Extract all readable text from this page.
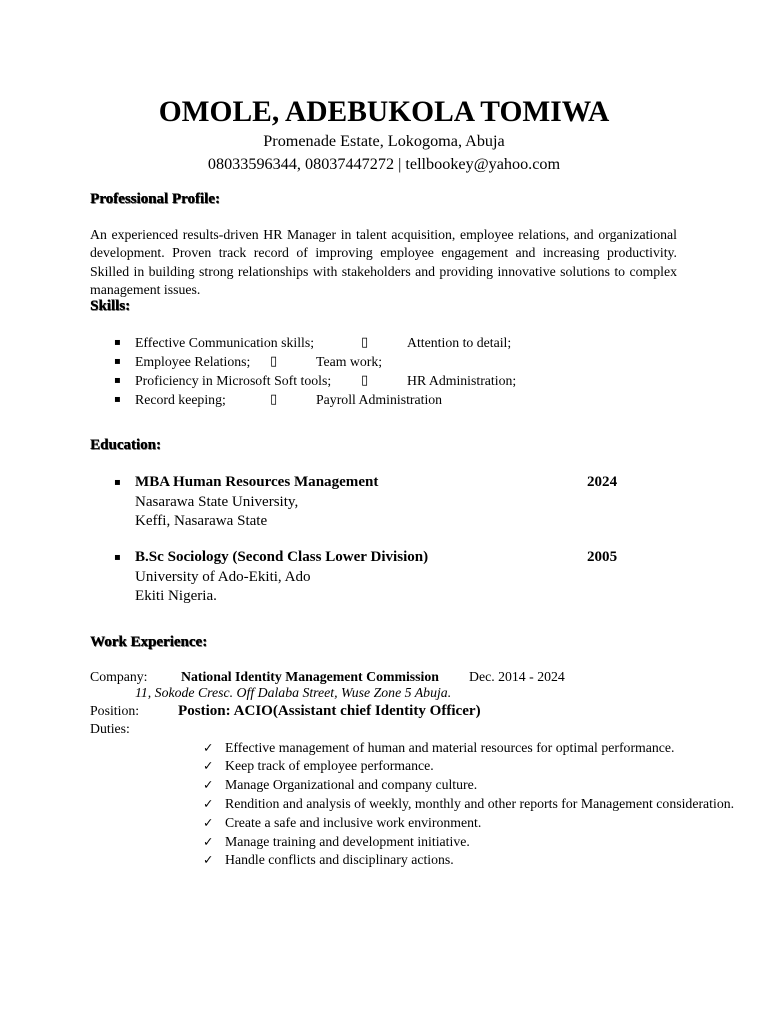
OMOLE, ADEBUKOLA TOMIWA
Promenade Estate, Lokogoma, Abuja
08033596344, 08037447272 | tellbookey@yahoo.com
Professional Profile:
An experienced results-driven HR Manager in talent acquisition, employee relations, and organizational development. Proven track record of improving employee engagement and increasing productivity. Skilled in building strong relationships with stakeholders and providing innovative solutions to complex management issues.
Skills:
▪ Effective Communication skills;	▯	Attention to detail;
▪ Employee Relations; ▯	Team work;
▪ Proficiency in Microsoft Soft tools; ▯	HR Administration;
▪ Record keeping;	▯	Payroll Administration
Education:
▪ MBA Human Resources Management	2024
Nasarawa State University,
Keffi, Nasarawa State
▪ B.Sc Sociology (Second Class Lower Division)	2005
University of Ado-Ekiti, Ado
Ekiti Nigeria.
Work Experience:
Company: National Identity Management Commission Dec. 2014 - 2024
11, Sokode Cresc. Off Dalaba Street, Wuse Zone 5 Abuja.
Position:	Postion: ACIO(Assistant chief Identity Officer)
Duties:
✓ Effective management of human and material resources for optimal performance.
✓ Keep track of employee performance.
✓ Manage Organizational and company culture.
✓ Rendition and analysis of weekly, monthly and other reports for Management consideration.
✓ Create a safe and inclusive work environment.
✓ Manage training and development initiative.
✓ Handle conflicts and disciplinary actions.
